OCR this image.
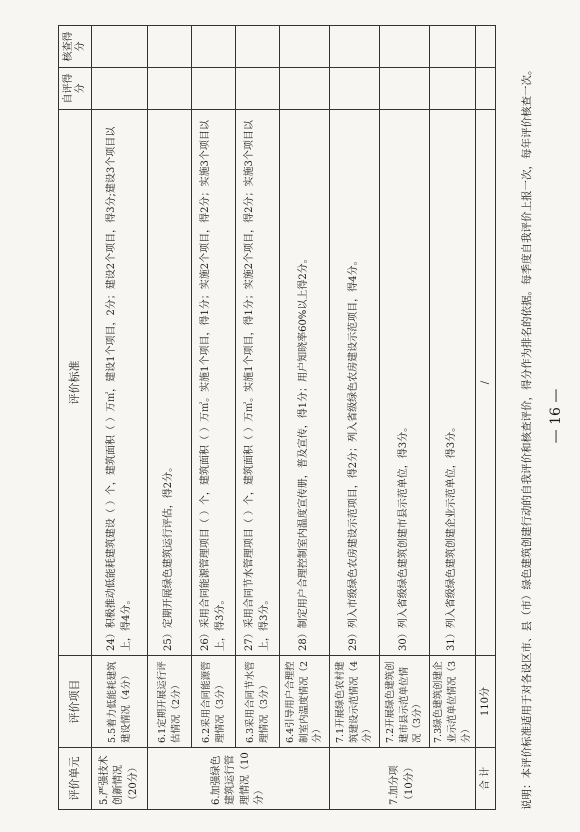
评价单元	评价项目	评价标准	自评得分	核查得分
5.严强技术创新情况（20分）	5.5着力低能耗建筑建设情况（4分）	24）积极推动低能耗建筑建设（ ）个，建筑面积（ ）万㎡，建设1个项目，2分；建设2个项目，得3分;建设3个项目以上，得4分。		
6.加强绿色建筑运行管理情况（10分）	6.1定期开展运行评估情况（2分）	25）定期开展绿色建筑运行评估，得2分。		
	6.2采用合同能源管理情况（3分）	26）采用合同能源管理项目（ ）个，建筑面积（ ）万㎡。实施1个项目，得1分；实施2个项目，得2分；实施3个项目以上，得3分。		
	6.3采用合同节水管理情况（3分）	27）采用合同节水管理项目（ ）个，建筑面积（ ）万㎡。实施1个项目，得1分；实施2个项目，得2分；实施3个项目以上，得3分。		
	6.4引导用户合理控制室内温度情况（2分）	28）制定用户合理控制室内温度宣传册，普及宣传，得1分；用户知晓率60%以上得2分。		
7.加分项（10分）	7.1开展绿色农村建筑建设示范情况（4分）	29）列入市级绿色农房建设示范项目，得2分；列入省级绿色农房建设示范项目，得4分。		
	7.2开展绿色建筑创建市县示范单位情况（3分）	30）列入省级绿色建筑创建市县示范单位，得3分。		
	7.3绿色建筑创建企业示范单位情况（3分）	31）列入省级绿色建筑创建企业示范单位，得3分。		
合 计	110分	/			说明：本评价标准适用于对各设区市、县（市）绿色建筑创建行动的自我评价和核查评价，得分作为排名的依据。每季度自我评价上报一次，每年评价核查一次。 — 16 —
